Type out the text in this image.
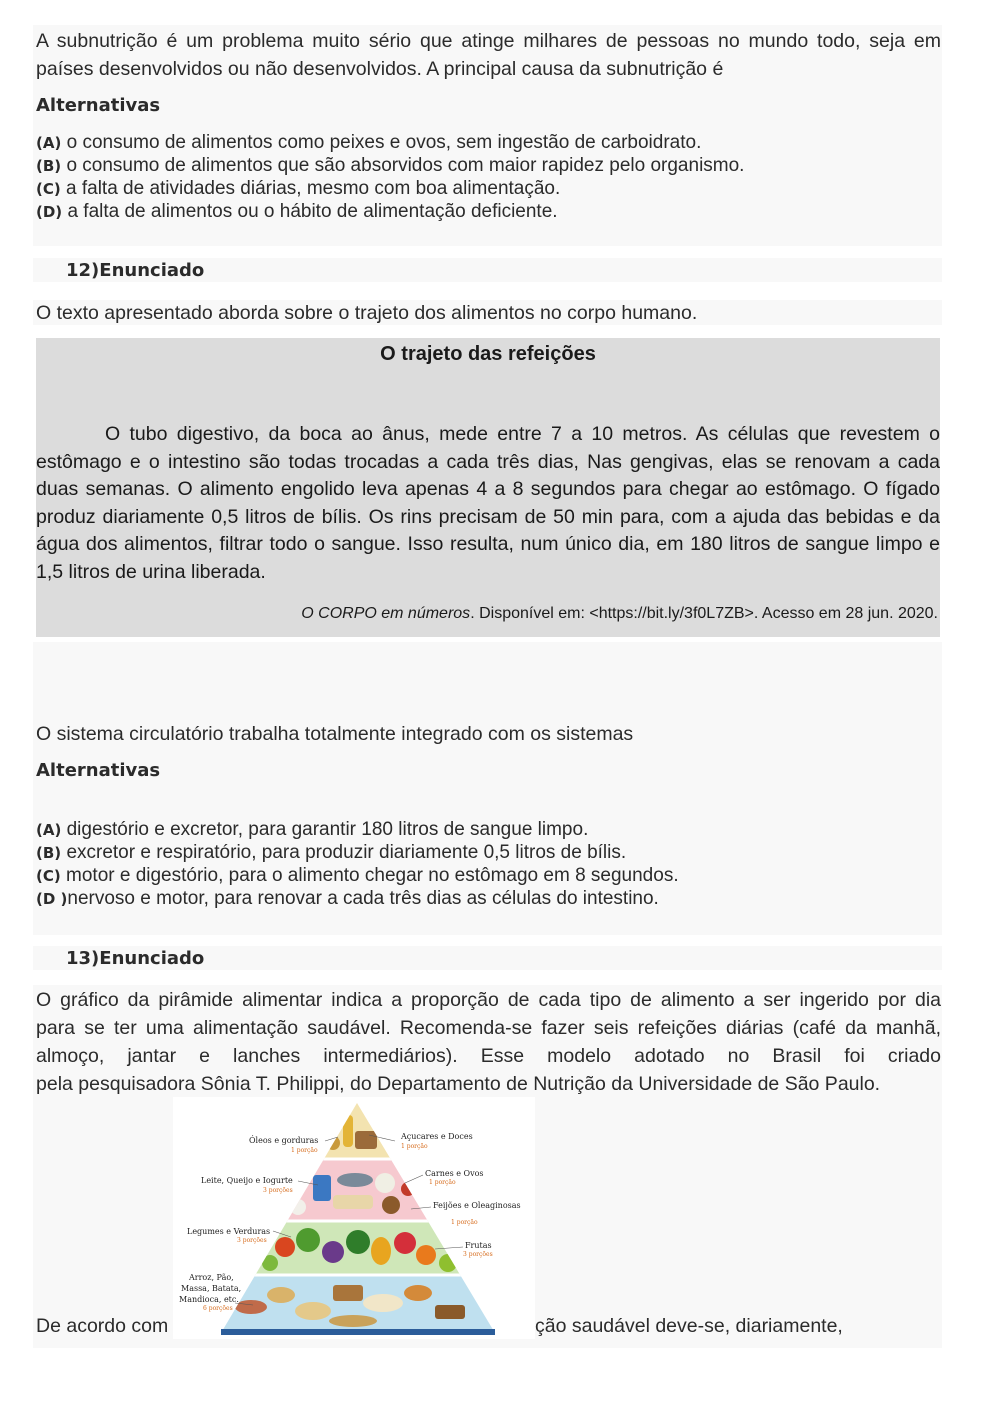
A subnutrição é um problema muito sério que atinge milhares de pessoas no mundo todo, seja em
países desenvolvidos ou não desenvolvidos. A principal causa da subnutrição é
Alternativas
(A) o consumo de alimentos como peixes e ovos, sem ingestão de carboidrato.
(B) o consumo de alimentos que são absorvidos com maior rapidez pelo organismo.
(C) a falta de atividades diárias, mesmo com boa alimentação.
(D) a falta de alimentos ou o hábito de alimentação deficiente.
12)Enunciado
O texto apresentado aborda sobre o trajeto dos alimentos no corpo humano.
O trajeto das refeições
O tubo digestivo, da boca ao ânus, mede entre 7 a 10 metros. As células que revestem o estômago e o intestino são todas trocadas a cada três dias, Nas gengivas, elas se renovam a cada duas semanas. O alimento engolido leva apenas 4 a 8 segundos para chegar ao estômago. O fígado produz diariamente 0,5 litros de bílis. Os rins precisam de 50 min para, com a ajuda das bebidas e da água dos alimentos, filtrar todo o sangue. Isso resulta, num único dia, em 180 litros de sangue limpo e 1,5 litros de urina liberada.
O CORPO em números. Disponível em: <https://bit.ly/3f0L7ZB>. Acesso em 28 jun. 2020.
O sistema circulatório trabalha totalmente integrado com os sistemas
Alternativas
(A) digestório e excretor, para garantir 180 litros de sangue limpo.
(B) excretor e respiratório, para produzir diariamente 0,5 litros de bílis.
(C) motor e digestório, para o alimento chegar no estômago em 8 segundos.
(D )nervoso e motor, para renovar a cada três dias as células do intestino.
13)Enunciado
O gráfico da pirâmide alimentar indica a proporção de cada tipo de alimento a ser ingerido por dia
para se ter uma alimentação saudável. Recomenda-se fazer seis refeições diárias (café da manhã,
almoço, jantar e lanches intermediários). Esse modelo adotado no Brasil foi criado
pela pesquisadora Sônia T. Philippi, do Departamento de Nutrição da Universidade de São Paulo.
De acordo com	ção saudável deve-se, diariamente,
Óleos e gorduras
1 porção
Açucares e Doces
1 porção
Leite, Queijo e Iogurte
3 porções
Carnes e Ovos
1 porção
Feijões e Oleaginosas
1 porção
Legumes e Verduras
3 porções
Frutas
3 porções
Arroz, Pão,
Massa, Batata,
Mandioca, etc.
6 porções
